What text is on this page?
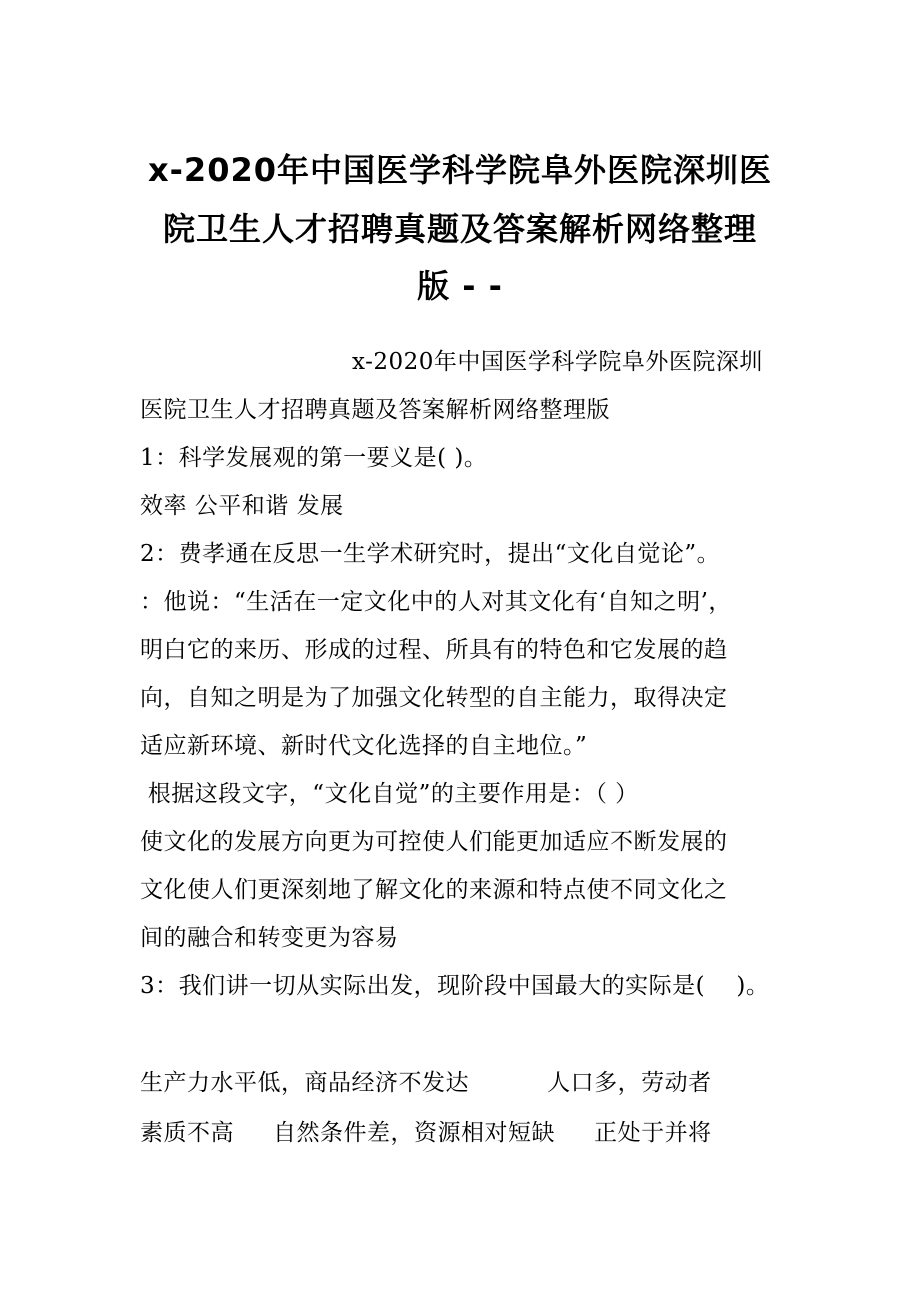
x-2020年中国医学科学院阜外医院深圳医
院卫生人才招聘真题及答案解析网络整理
版 - -
x-2020年中国医学科学院阜外医院深圳
医院卫生人才招聘真题及答案解析网络整理版
1：科学发展观的第一要义是( )。
效率 公平和谐 发展
2：费孝通在反思一生学术研究时，提出“文化自觉论”。
：他说：“生活在一定文化中的人对其文化有‘自知之明’，
明白它的来历、形成的过程、所具有的特色和它发展的趋
向，自知之明是为了加强文化转型的自主能力，取得决定
适应新环境、新时代文化选择的自主地位。”
根据这段文字，“文化自觉”的主要作用是：（ ）
使文化的发展方向更为可控使人们能更加适应不断发展的
文化使人们更深刻地了解文化的来源和特点使不同文化之
间的融合和转变更为容易
3：我们讲一切从实际出发，现阶段中国最大的实际是(    )。
生产力水平低，商品经济不发达          人口多，劳动者
素质不高     自然条件差，资源相对短缺     正处于并将
